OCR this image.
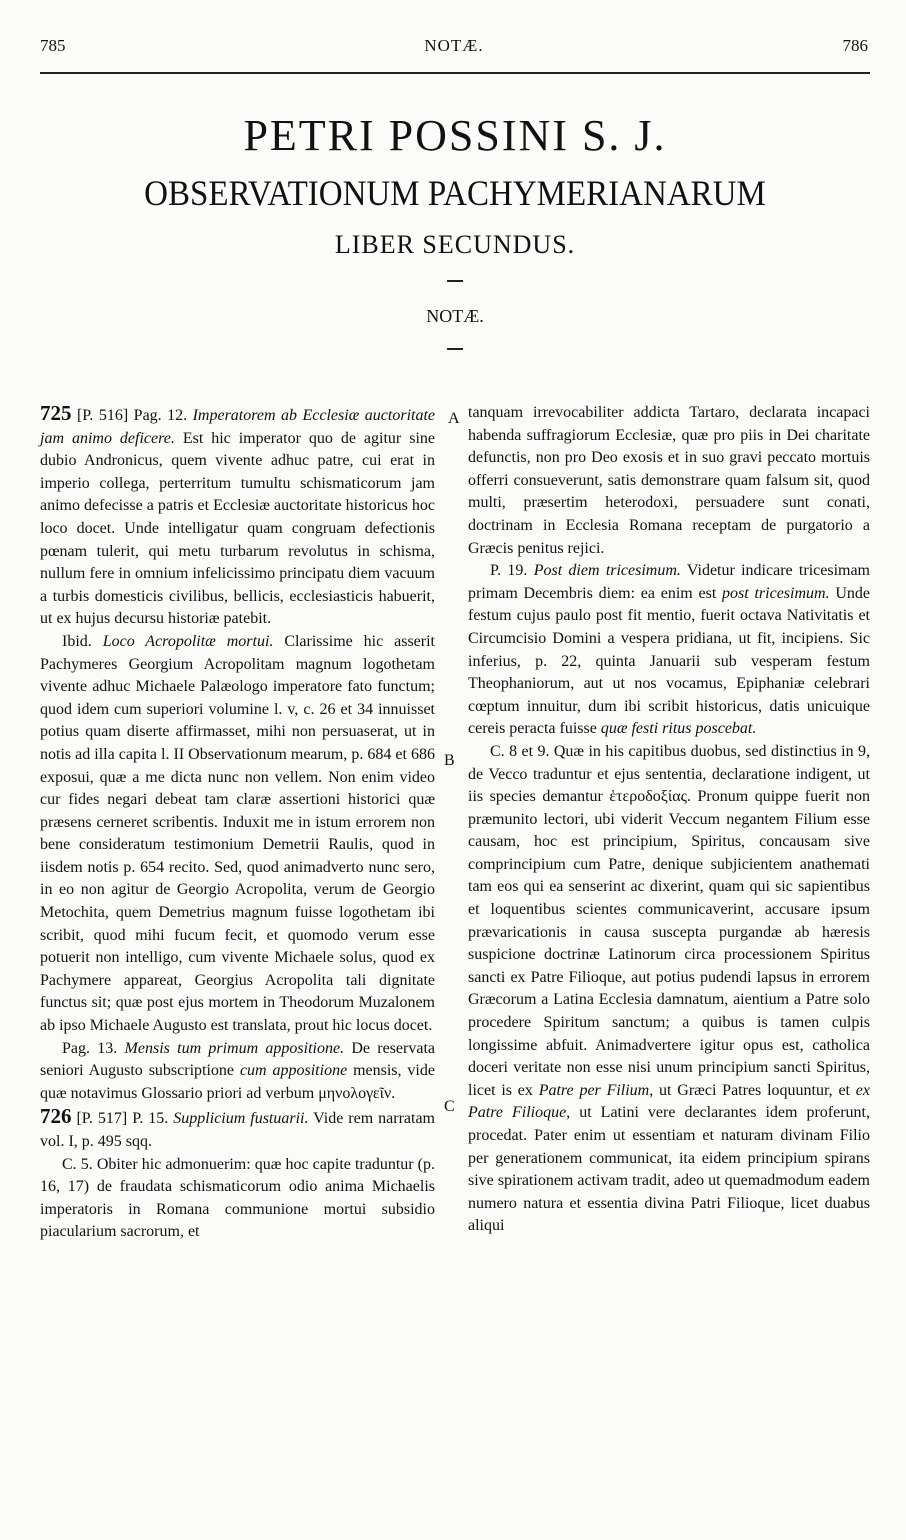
785	NOTÆ.	786
PETRI POSSINI S. J.
OBSERVATIONUM PACHYMERIANARUM
LIBER SECUNDUS.
NOTÆ.
A
B
C

725 [P. 516] Pag. 12. Imperatorem ab Ecclesiæ auctoritate jam animo deficere. Est hic imperator quo de agitur sine dubio Andronicus, quem vivente adhuc patre, cui erat in imperio collega, perterritum tumultu schismaticorum jam animo defecisse a patris et Ecclesiæ auctoritate historicus hoc loco docet. Unde intelligatur quam congruam defectionis pœnam tulerit, qui metu turbarum revolutus in schisma, nullum fere in omnium infelicissimo principatu diem vacuum a turbis domesticis civilibus, bellicis, ecclesiasticis habuerit, ut ex hujus decursu historiæ patebit.

Ibid. Loco Acropolitæ mortui. Clarissime hic asserit Pachymeres Georgium Acropolitam magnum logothetam vivente adhuc Michaele Palæologo imperatore fato functum; quod idem cum superiori volumine l. v, c. 26 et 34 innuisset potius quam diserte affirmasset, mihi non persuaserat, ut in notis ad illa capita l. II Observationum mearum, p. 684 et 686 exposui, quæ a me dicta nunc non vellem. Non enim video cur fides negari debeat tam claræ assertioni historici quæ præsens cerneret scribentis. Induxit me in istum errorem non bene consideratum testimonium Demetrii Raulis, quod in iisdem notis p. 654 recito. Sed, quod animadverto nunc sero, in eo non agitur de Georgio Acropolita, verum de Georgio Metochita, quem Demetrius magnum fuisse logothetam ibi scribit, quod mihi fucum fecit, et quomodo verum esse potuerit non intelligo, cum vivente Michaele solus, quod ex Pachymere appareat, Georgius Acropolita tali dignitate functus sit; quæ post ejus mortem in Theodorum Muzalonem ab ipso Michaele Augusto est translata, prout hic locus docet.

Pag. 13. Mensis tum primum appositione. De reservata seniori Augusto subscriptione cum appositione mensis, vide quæ notavimus Glossario priori ad verbum μηνολογεῖν.

726 [P. 517] P. 15. Supplicium fustuarii. Vide rem narratam vol. I, p. 495 sqq.

C. 5. Obiter hic admonuerim: quæ hoc capite traduntur (p. 16, 17) de fraudata schismaticorum odio anima Michaelis imperatoris in Romana communione mortui subsidio piacularium sacrorum, et

tanquam irrevocabiliter addicta Tartaro, declarata incapaci habenda suffragiorum Ecclesiæ, quæ pro piis in Dei charitate defunctis, non pro Deo exosis et in suo gravi peccato mortuis offerri consueverunt, satis demonstrare quam falsum sit, quod multi, præsertim heterodoxi, persuadere sunt conati, doctrinam in Ecclesia Romana receptam de purgatorio a Græcis penitus rejici.

P. 19. Post diem tricesimum. Videtur indicare tricesimam primam Decembris diem: ea enim est post tricesimum. Unde festum cujus paulo post fit mentio, fuerit octava Nativitatis et Circumcisio Domini a vespera pridiana, ut fit, incipiens. Sic inferius, p. 22, quinta Januarii sub vesperam festum Theophaniorum, aut ut nos vocamus, Epiphaniæ celebrari cœptum innuitur, dum ibi scribit historicus, datis unicuique cereis peracta fuisse quæ festi ritus poscebat.

C. 8 et 9. Quæ in his capitibus duobus, sed distinctius in 9, de Vecco traduntur et ejus sententia, declaratione indigent, ut iis species demantur ἑτεροδοξίας. Pronum quippe fuerit non præmunito lectori, ubi viderit Veccum negantem Filium esse causam, hoc est principium, Spiritus, concausam sive comprincipium cum Patre, denique subjicientem anathemati tam eos qui ea senserint ac dixerint, quam qui sic sapientibus et loquentibus scientes communicaverint, accusare ipsum prævaricationis in causa suscepta purgandæ ab hæresis suspicione doctrinæ Latinorum circa processionem Spiritus sancti ex Patre Filioque, aut potius pudendi lapsus in errorem Græcorum a Latina Ecclesia damnatum, aientium a Patre solo procedere Spiritum sanctum; a quibus is tamen culpis longissime abfuit. Animadvertere igitur opus est, catholica doceri veritate non esse nisi unum principium sancti Spiritus, licet is ex Patre per Filium, ut Græci Patres loquuntur, et ex Patre Filioque, ut Latini vere declarantes idem proferunt, procedat. Pater enim ut essentiam et naturam divinam Filio per generationem communicat, ita eidem principium spirans sive spirationem activam tradit, adeo ut quemadmodum eadem numero natura et essentia divina Patri Filioque, licet duabus aliqui
